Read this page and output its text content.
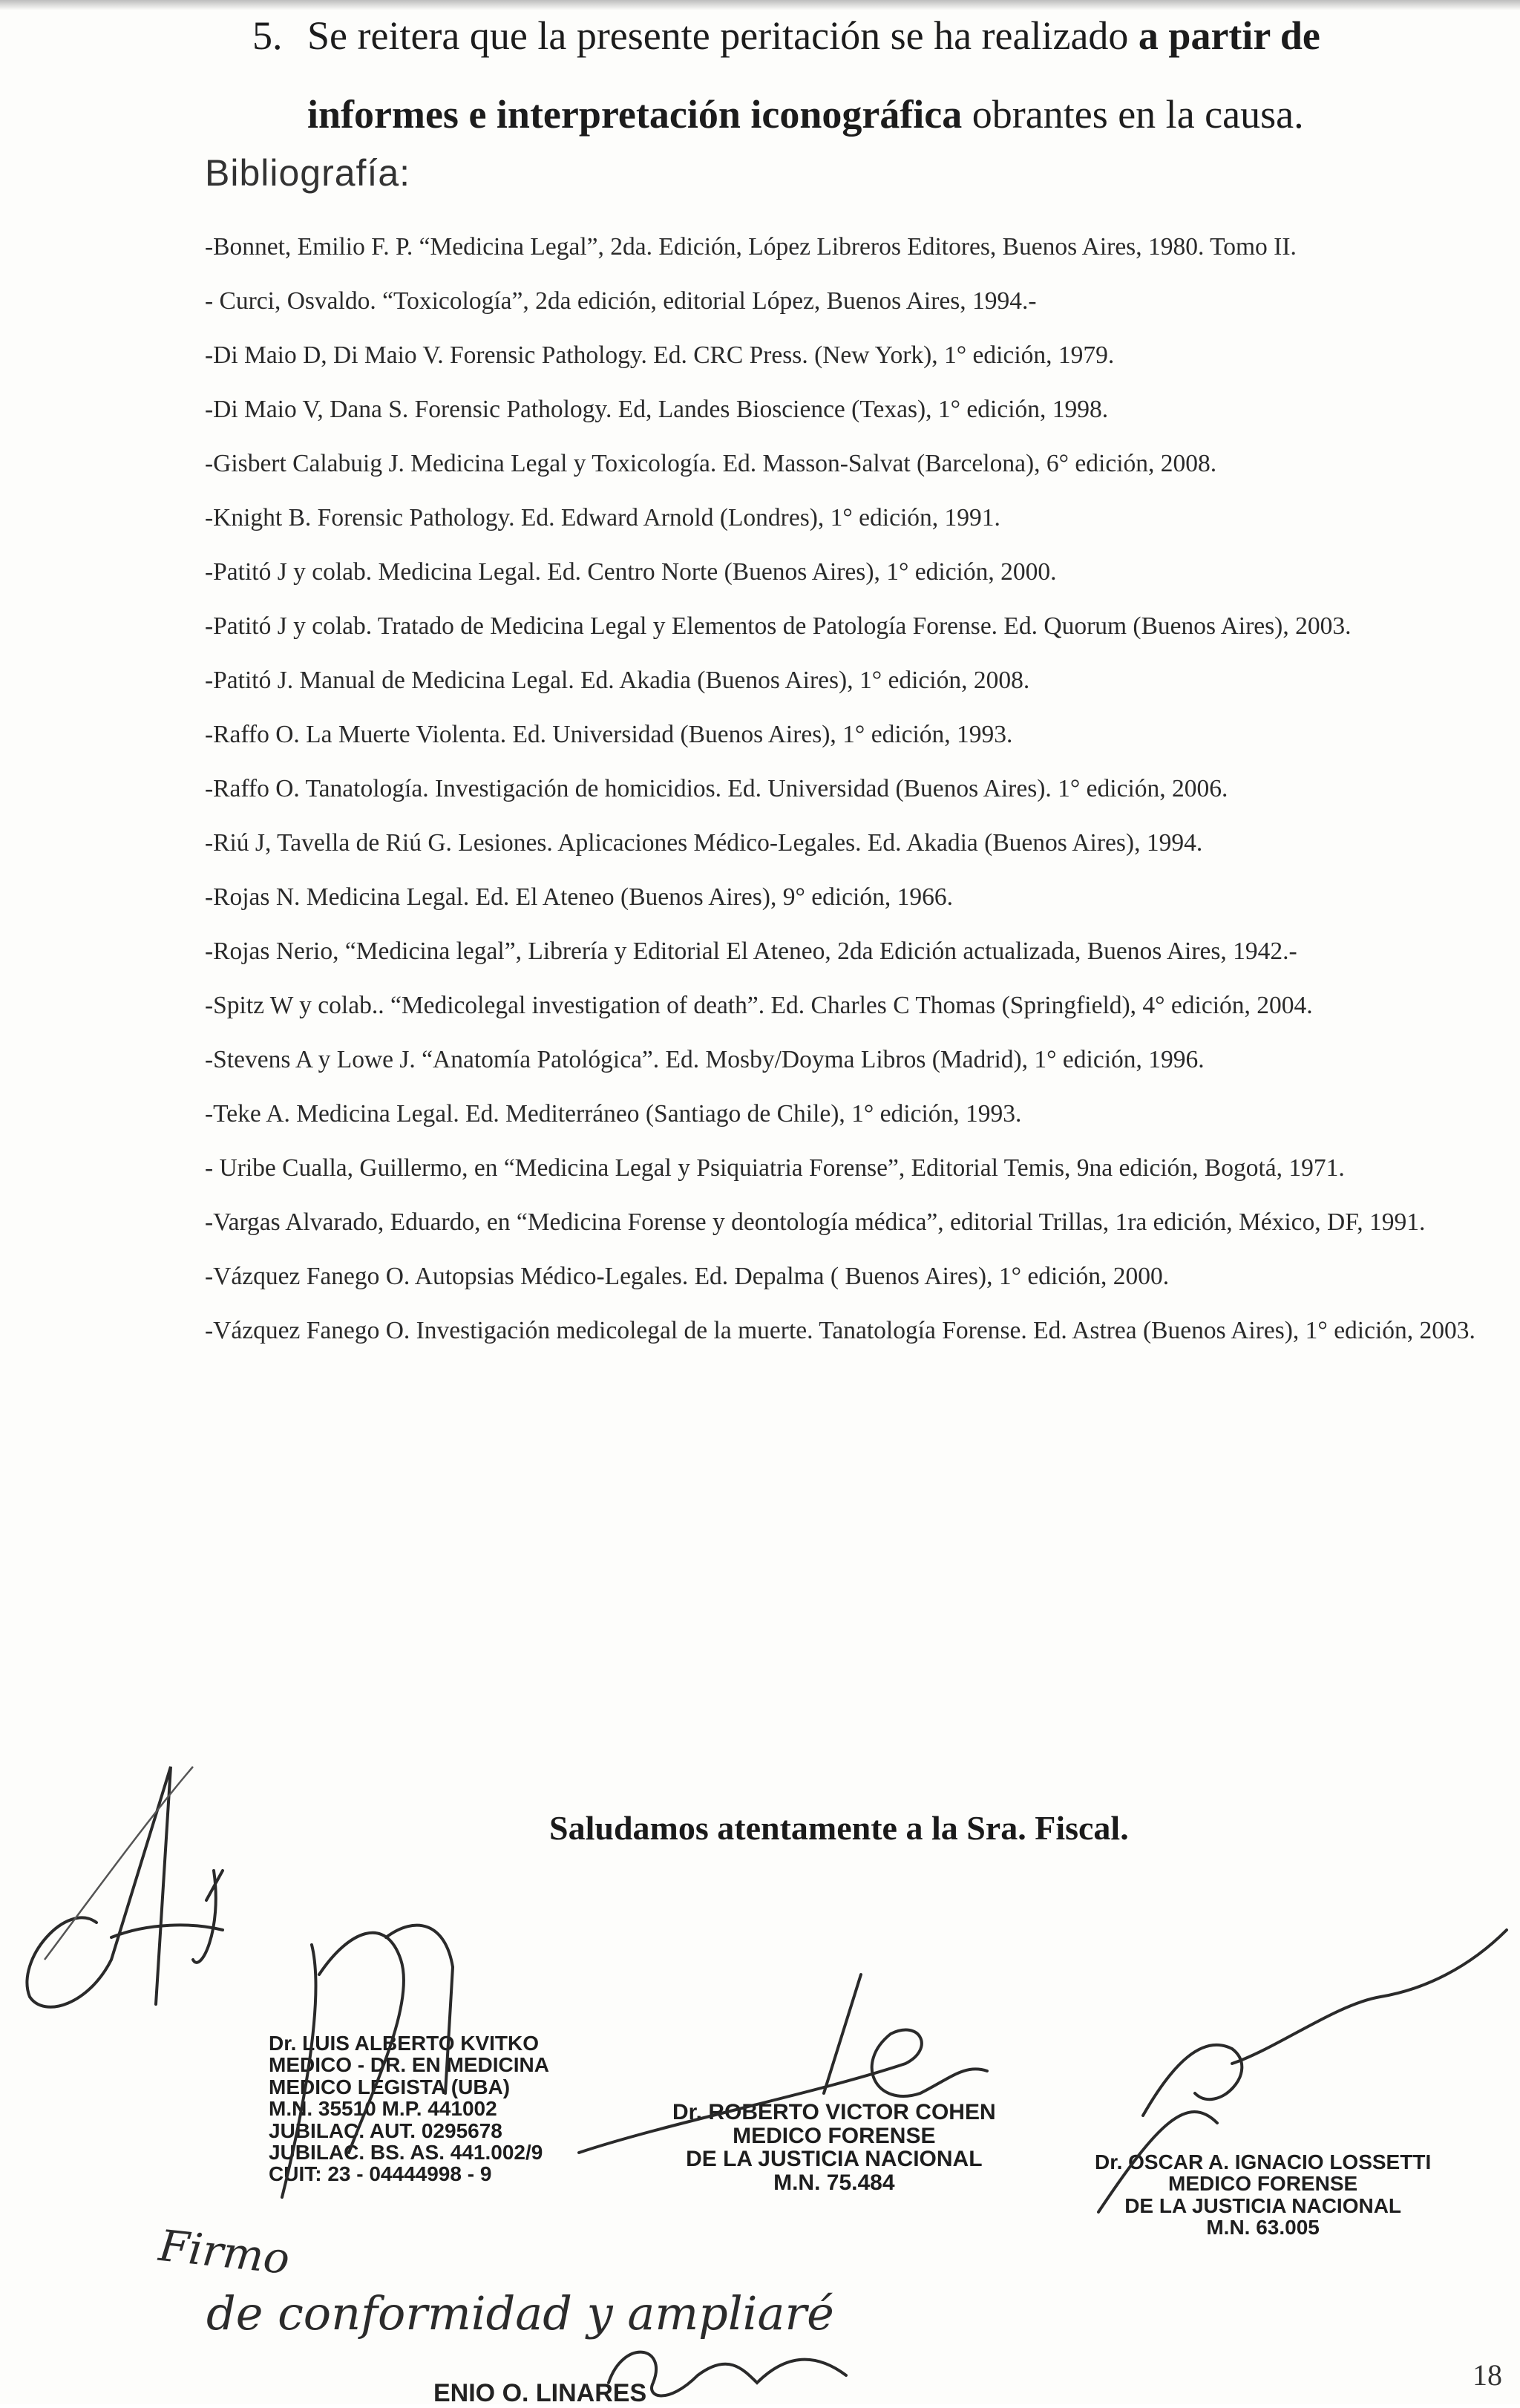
5. Se reitera que la presente peritación se ha realizado a partir de
informes e interpretación iconográfica obrantes en la causa.
Bibliografía:
-Bonnet, Emilio F. P. “Medicina Legal”, 2da. Edición, López Libreros Editores, Buenos Aires, 1980. Tomo II.
- Curci, Osvaldo. “Toxicología”, 2da edición, editorial López, Buenos Aires, 1994.-
-Di Maio D, Di Maio V. Forensic Pathology. Ed. CRC Press. (New York), 1° edición, 1979.
-Di Maio V, Dana S. Forensic Pathology. Ed, Landes Bioscience (Texas), 1° edición, 1998.
-Gisbert Calabuig J. Medicina Legal y Toxicología. Ed. Masson-Salvat (Barcelona), 6° edición, 2008.
-Knight B. Forensic Pathology. Ed. Edward Arnold (Londres), 1° edición, 1991.
-Patitó J y colab. Medicina Legal. Ed. Centro Norte (Buenos Aires), 1° edición, 2000.
-Patitó J y colab. Tratado de Medicina Legal y Elementos de Patología Forense. Ed. Quorum (Buenos Aires), 2003.
-Patitó J. Manual de Medicina Legal. Ed. Akadia (Buenos Aires), 1° edición, 2008.
-Raffo O. La Muerte Violenta. Ed. Universidad (Buenos Aires), 1° edición, 1993.
-Raffo O. Tanatología. Investigación de homicidios. Ed. Universidad (Buenos Aires). 1° edición, 2006.
-Riú J, Tavella de Riú G. Lesiones. Aplicaciones Médico-Legales. Ed. Akadia (Buenos Aires), 1994.
-Rojas N. Medicina Legal. Ed. El Ateneo (Buenos Aires), 9° edición, 1966.
-Rojas Nerio, “Medicina legal”, Librería y Editorial El Ateneo, 2da Edición actualizada, Buenos Aires, 1942.-
-Spitz W y colab.. “Medicolegal investigation of death”. Ed. Charles C Thomas (Springfield), 4° edición, 2004.
-Stevens A y Lowe J. “Anatomía Patológica”. Ed. Mosby/Doyma Libros (Madrid), 1° edición, 1996.
-Teke A. Medicina Legal. Ed. Mediterráneo (Santiago de Chile), 1° edición, 1993.
- Uribe Cualla, Guillermo, en “Medicina Legal y Psiquiatria Forense”, Editorial Temis, 9na edición, Bogotá, 1971.
-Vargas Alvarado, Eduardo, en “Medicina Forense y deontología médica”, editorial Trillas, 1ra edición, México, DF, 1991.
-Vázquez Fanego O. Autopsias Médico-Legales. Ed. Depalma ( Buenos Aires), 1° edición, 2000.
-Vázquez Fanego O. Investigación medicolegal de la muerte. Tanatología Forense. Ed. Astrea (Buenos Aires), 1° edición, 2003.
Saludamos atentamente a la Sra. Fiscal.
Dr. LUIS ALBERTO KVITKO
MEDICO - DR. EN MEDICINA
MEDICO LEGISTA (UBA)
M.N. 35510 M.P. 441002
JUBILAC. AUT. 0295678
JUBILAC. BS. AS. 441.002/9
CUIT: 23 - 04444998 - 9
Dr. ROBERTO VICTOR COHEN
MEDICO FORENSE
DE LA JUSTICIA NACIONAL
M.N. 75.484
Dr. OSCAR A. IGNACIO LOSSETTI
MEDICO FORENSE
DE LA JUSTICIA NACIONAL
M.N. 63.005
Firmo
de conformidad y ampliaré
ENIO O. LINARES
18
